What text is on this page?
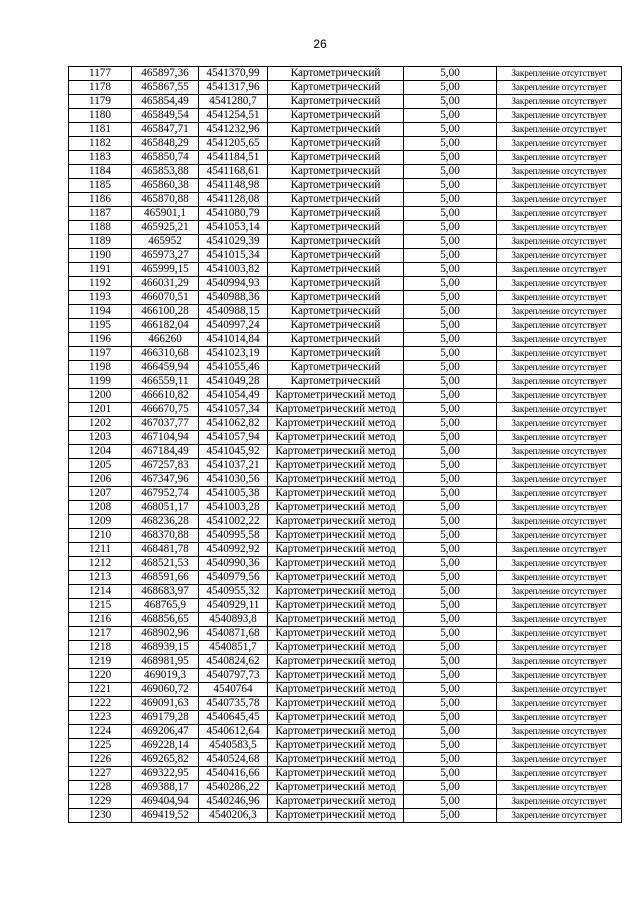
26
1177	465897,36	4541370,99	Картометрический	5,00	Закрепление отсутствует
1178	465867,55	4541317,96	Картометрический	5,00	Закрепление отсутствует
1179	465854,49	4541280,7	Картометрический	5,00	Закрепление отсутствует
1180	465849,54	4541254,51	Картометрический	5,00	Закрепление отсутствует
1181	465847,71	4541232,96	Картометрический	5,00	Закрепление отсутствует
1182	465848,29	4541205,65	Картометрический	5,00	Закрепление отсутствует
1183	465850,74	4541184,51	Картометрический	5,00	Закрепление отсутствует
1184	465853,88	4541168,61	Картометрический	5,00	Закрепление отсутствует
1185	465860,38	4541148,98	Картометрический	5,00	Закрепление отсутствует
1186	465870,88	4541128,08	Картометрический	5,00	Закрепление отсутствует
1187	465901,1	4541080,79	Картометрический	5,00	Закрепление отсутствует
1188	465925,21	4541053,14	Картометрический	5,00	Закрепление отсутствует
1189	465952	4541029,39	Картометрический	5,00	Закрепление отсутствует
1190	465973,27	4541015,34	Картометрический	5,00	Закрепление отсутствует
1191	465999,15	4541003,82	Картометрический	5,00	Закрепление отсутствует
1192	466031,29	4540994,93	Картометрический	5,00	Закрепление отсутствует
1193	466070,51	4540988,36	Картометрический	5,00	Закрепление отсутствует
1194	466100,28	4540988,15	Картометрический	5,00	Закрепление отсутствует
1195	466182,04	4540997,24	Картометрический	5,00	Закрепление отсутствует
1196	466260	4541014,84	Картометрический	5,00	Закрепление отсутствует
1197	466310,68	4541023,19	Картометрический	5,00	Закрепление отсутствует
1198	466459,94	4541055,46	Картометрический	5,00	Закрепление отсутствует
1199	466559,11	4541049,28	Картометрический	5,00	Закрепление отсутствует
1200	466610,82	4541054,49	Картометрический метод	5,00	Закрепление отсутствует
1201	466670,75	4541057,34	Картометрический метод	5,00	Закрепление отсутствует
1202	467037,77	4541062,82	Картометрический метод	5,00	Закрепление отсутствует
1203	467104,94	4541057,94	Картометрический метод	5,00	Закрепление отсутствует
1204	467184,49	4541045,92	Картометрический метод	5,00	Закрепление отсутствует
1205	467257,83	4541037,21	Картометрический метод	5,00	Закрепление отсутствует
1206	467347,96	4541030,56	Картометрический метод	5,00	Закрепление отсутствует
1207	467952,74	4541005,38	Картометрический метод	5,00	Закрепление отсутствует
1208	468051,17	4541003,28	Картометрический метод	5,00	Закрепление отсутствует
1209	468236,28	4541002,22	Картометрический метод	5,00	Закрепление отсутствует
1210	468370,88	4540995,58	Картометрический метод	5,00	Закрепление отсутствует
1211	468481,78	4540992,92	Картометрический метод	5,00	Закрепление отсутствует
1212	468521,53	4540990,36	Картометрический метод	5,00	Закрепление отсутствует
1213	468591,66	4540979,56	Картометрический метод	5,00	Закрепление отсутствует
1214	468683,97	4540955,32	Картометрический метод	5,00	Закрепление отсутствует
1215	468765,9	4540929,11	Картометрический метод	5,00	Закрепление отсутствует
1216	468856,65	4540893,8	Картометрический метод	5,00	Закрепление отсутствует
1217	468902,96	4540871,68	Картометрический метод	5,00	Закрепление отсутствует
1218	468939,15	4540851,7	Картометрический метод	5,00	Закрепление отсутствует
1219	468981,95	4540824,62	Картометрический метод	5,00	Закрепление отсутствует
1220	469019,3	4540797,73	Картометрический метод	5,00	Закрепление отсутствует
1221	469060,72	4540764	Картометрический метод	5,00	Закрепление отсутствует
1222	469091,63	4540735,78	Картометрический метод	5,00	Закрепление отсутствует
1223	469179,28	4540645,45	Картометрический метод	5,00	Закрепление отсутствует
1224	469206,47	4540612,64	Картометрический метод	5,00	Закрепление отсутствует
1225	469228,14	4540583,5	Картометрический метод	5,00	Закрепление отсутствует
1226	469265,82	4540524,68	Картометрический метод	5,00	Закрепление отсутствует
1227	469322,95	4540416,66	Картометрический метод	5,00	Закрепление отсутствует
1228	469388,17	4540286,22	Картометрический метод	5,00	Закрепление отсутствует
1229	469404,94	4540246,96	Картометрический метод	5,00	Закрепление отсутствует
1230	469419,52	4540206,3	Картометрический метод	5,00	Закрепление отсутствует
